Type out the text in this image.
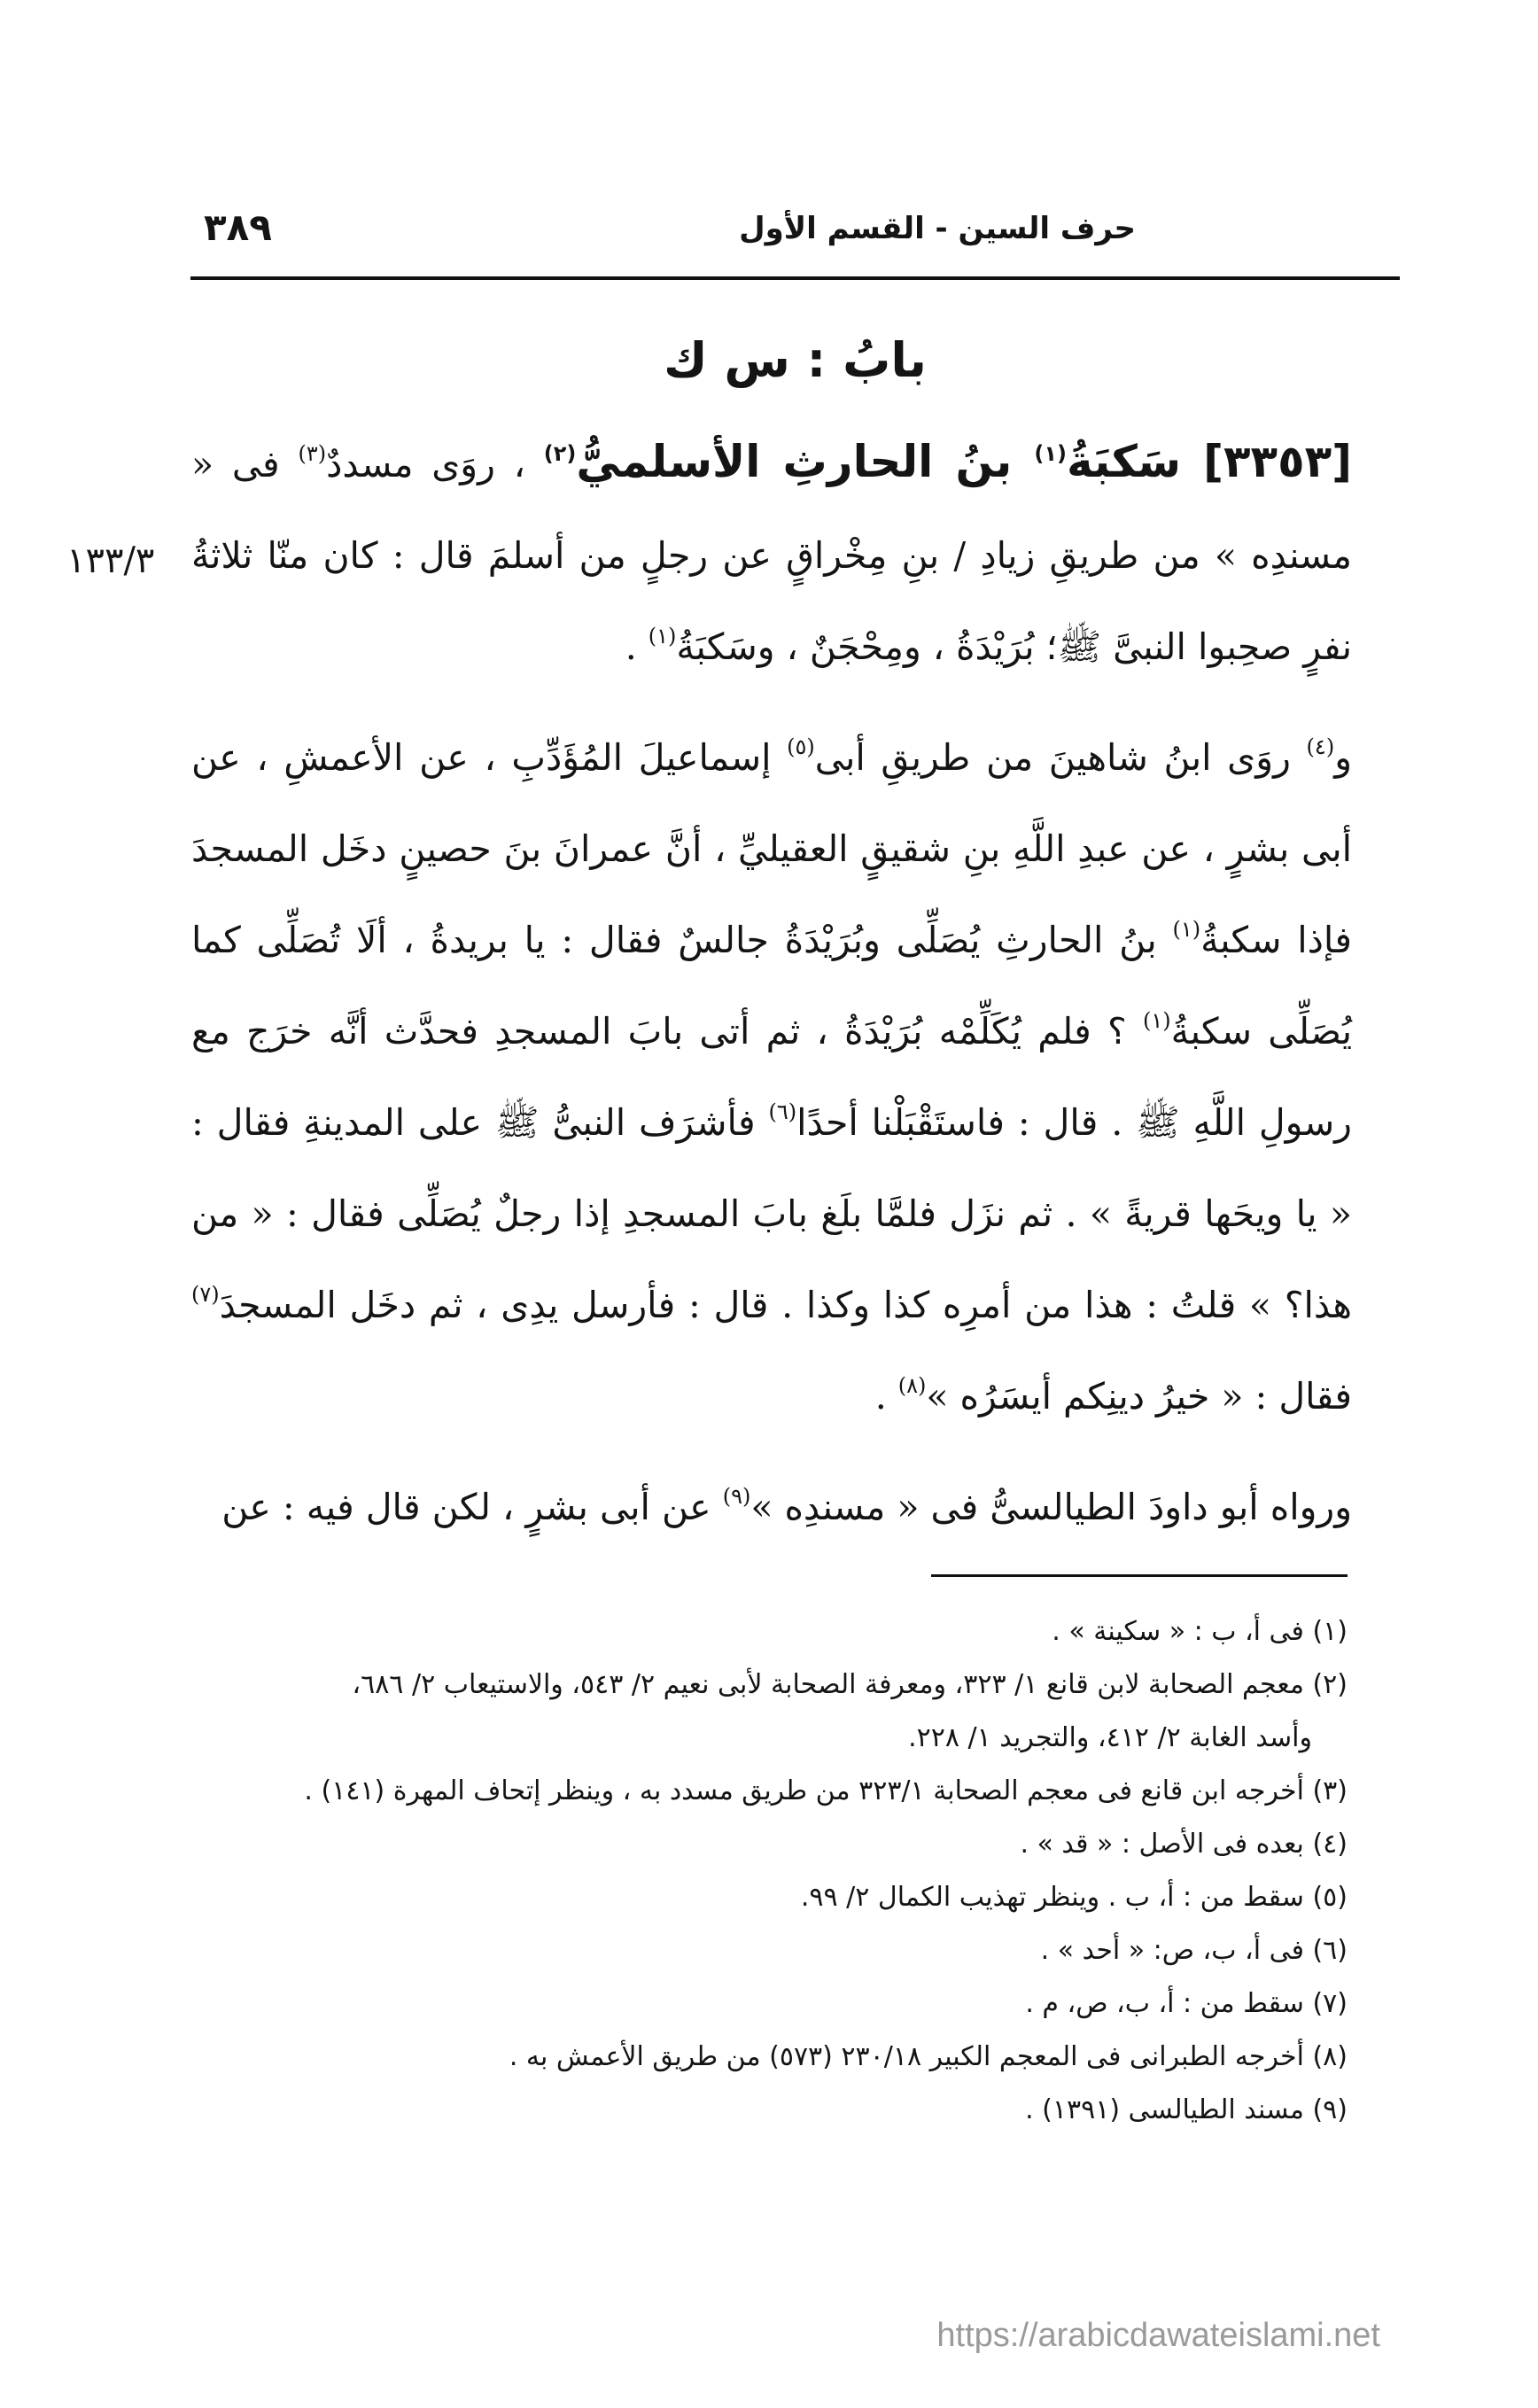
حرف السين - القسم الأول
٣٨٩
بابُ : س ك
١٣٣/٣

[٣٣٥٣] سَكبَةُ$^{(١)}$ بنُ الحارثِ الأسلميُّ$^{(٢)}$ ، روَى مسددٌ$^{(٣)}$ فى « مسندِه » من طريقِ زيادِ / بنِ مِخْراقٍ عن رجلٍ من أسلمَ قال : كان منّا ثلاثةُ نفرٍ صحِبوا النبىَّ ﷺ؛ بُرَيْدَةُ ، ومِحْجَنٌ ، وسَكبَةُ$^{(١)}$ .

و$^{(٤)}$ روَى ابنُ شاهينَ من طريقِ أبى$^{(٥)}$ إسماعيلَ المُؤَدِّبِ ، عن الأعمشِ ، عن أبى بشرٍ ، عن عبدِ اللَّهِ بنِ شقيقٍ العقيليِّ ، أنَّ عمرانَ بنَ حصينٍ دخَل المسجدَ فإذا سكبةُ$^{(١)}$ بنُ الحارثِ يُصَلِّى وبُرَيْدَةُ جالسٌ فقال : يا بريدةُ ، ألَا تُصَلِّى كما يُصَلِّى سكبةُ$^{(١)}$ ؟ فلم يُكَلِّمْه بُرَيْدَةُ ، ثم أتى بابَ المسجدِ فحدَّث أنَّه خرَج مع رسولِ اللَّهِ ﷺ . قال : فاستَقْبَلْنا أحدًا$^{(٦)}$ فأشرَف النبىُّ ﷺ على المدينةِ فقال : « يا ويحَها قريةً » . ثم نزَل فلمَّا بلَغ بابَ المسجدِ إذا رجلٌ يُصَلِّى فقال : « من هذا؟ » قلتُ : هذا من أمرِه كذا وكذا . قال : فأرسل يدِى ، ثم دخَل المسجدَ$^{(٧)}$ فقال : « خيرُ دينِكم أيسَرُه »$^{(٨)}$ .

ورواه أبو داودَ الطيالسىُّ فى « مسندِه »$^{(٩)}$ عن أبى بشرٍ ، لكن قال فيه : عن

(١) فى أ، ب : « سكينة » .

(٢) معجم الصحابة لابن قانع ١/ ٣٢٣، ومعرفة الصحابة لأبى نعيم ٢/ ٥٤٣، والاستيعاب ٢/ ٦٨٦،

وأسد الغابة ٢/ ٤١٢، والتجريد ١/ ٢٢٨.

(٣) أخرجه ابن قانع فى معجم الصحابة ٣٢٣/١ من طريق مسدد به ، وينظر إتحاف المهرة (١٤١) .

(٤) بعده فى الأصل : « قد » .

(٥) سقط من : أ، ب . وينظر تهذيب الكمال ٢/ ٩٩.

(٦) فى أ، ب، ص: « أحد » .

(٧) سقط من : أ، ب، ص، م .

(٨) أخرجه الطبرانى فى المعجم الكبير ٢٣٠/١٨ (٥٧٣) من طريق الأعمش به .

(٩) مسند الطيالسى (١٣٩١) .

https://arabicdawateislami.net
